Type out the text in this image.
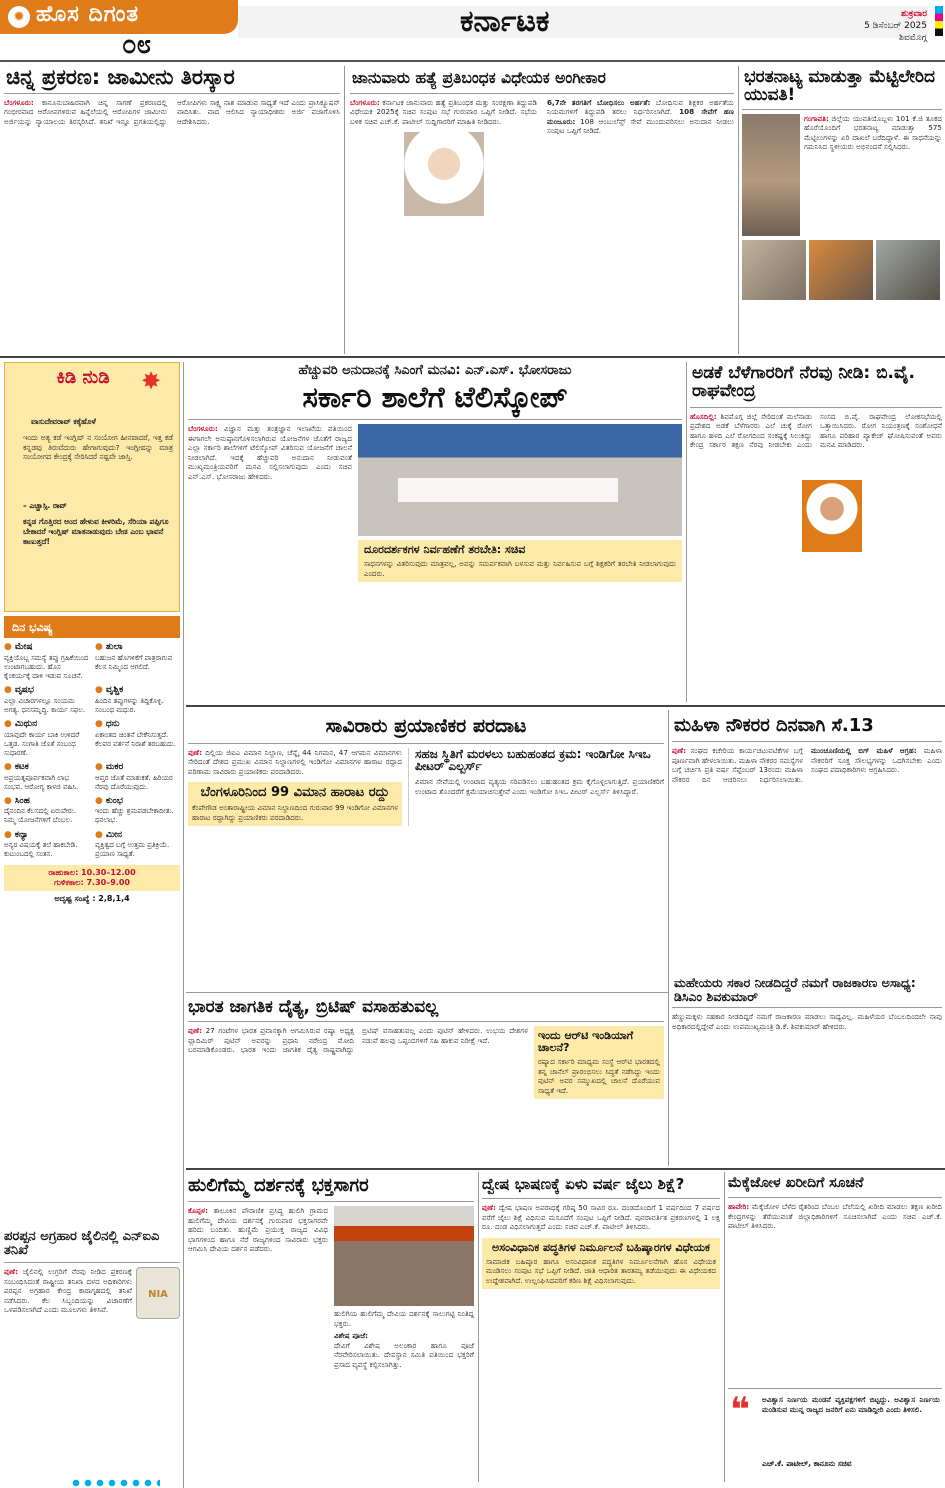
✹ ಹೊಸ ದಿಗಂತ
೦೮
ಕರ್ನಾಟಕ	ಶುಕ್ರವಾರ
5 ಡಿಸೆಂಬರ್ 2025
ಶಿವಮೊಗ್ಗ
ಚಿನ್ನ ಪ್ರಕರಣ: ಜಾಮೀನು ತಿರಸ್ಕಾರ
ಬೆಂಗಳೂರು: ಕಾನೂನುಬಾಹಿರವಾಗಿ ಚಿನ್ನ ಸಾಗಣೆ ಪ್ರಕರಣದಲ್ಲಿ ಗಂಭೀರವಾದ ಆರೋಪಗಳಿರುವ ಹಿನ್ನೆಲೆಯಲ್ಲಿ ಆರೋಪಿಗಳ ಜಾಮೀನು ಅರ್ಜಿಯನ್ನು ನ್ಯಾಯಾಲಯ ತಿರಸ್ಕರಿಸಿದೆ. ತನಿಖೆ ಇನ್ನೂ ಪ್ರಗತಿಯಲ್ಲಿದ್ದು ಆರೋಪಿಗಳು ಸಾಕ್ಷ್ಯ ನಾಶ ಮಾಡುವ ಸಾಧ್ಯತೆ ಇದೆ ಎಂದು ಪ್ರಾಸಿಕ್ಯೂಷನ್ ವಾದಿಸಿತು. ವಾದ ಆಲಿಸಿದ ನ್ಯಾಯಾಧೀಶರು ಅರ್ಜಿ ವಜಾಗೊಳಿಸಿ ಆದೇಶಿಸಿದರು.
ಜಾನುವಾರು ಹತ್ಯೆ ಪ್ರತಿಬಂಧಕ ವಿಧೇಯಕ ಅಂಗೀಕಾರ
ಬೆಂಗಳೂರು: ಕರ್ನಾಟಕ ಜಾನುವಾರು ಹತ್ಯೆ ಪ್ರತಿಬಂಧಕ ಮತ್ತು ಸಂರಕ್ಷಣಾ ತಿದ್ದುಪಡಿ ವಿಧೇಯಕ 2025ಕ್ಕೆ ಸಚಿವ ಸಂಪುಟ ಸಭೆ ಗುರುವಾರ ಒಪ್ಪಿಗೆ ನೀಡಿದೆ. ಸಭೆಯ ಬಳಿಕ ಸಚಿವ ಎಚ್.ಕೆ. ಪಾಟೀಲ್ ಸುದ್ದಿಗಾರರಿಗೆ ಮಾಹಿತಿ ನೀಡಿದರು.
6,7ನೇ ತರಗತಿಗೆ ಬೋಧಿಸಲು ಅರ್ಹತೆ: ಬೋಧಿಸುವ ಶಿಕ್ಷಕರ ಅರ್ಹತೆಯ ನಿಯಮಗಳಿಗೆ ತಿದ್ದುಪಡಿ ತರಲು ನಿರ್ಧರಿಸಲಾಗಿದೆ. 108 ಸೇವೆಗೆ ಹಣ ಮಂಜೂರು: 108 ಆಂಬುಲೆನ್ಸ್ ಸೇವೆ ಮುಂದುವರಿಸಲು ಅನುದಾನ ನೀಡಲು ಸಂಪುಟ ಒಪ್ಪಿಗೆ ನೀಡಿದೆ.
ಭರತನಾಟ್ಯ ಮಾಡುತ್ತಾ ಮೆಟ್ಟಿಲೇರಿದ ಯುವತಿ!
ಗಂಗಾವತಿ: ಜಿಲ್ಲೆಯ ಯುವತಿಯೊಬ್ಬಳು 101 ಕೆ.ಜಿ ತೂಕದ ಹೊರೆಯೊಂದಿಗೆ ಭರತನಾಟ್ಯ ಮಾಡುತ್ತಾ 575 ಮೆಟ್ಟಿಲುಗಳನ್ನು ಏರಿ ದಾಖಲೆ ಬರೆದಿದ್ದಾಳೆ. ಈ ಸಾಧನೆಯನ್ನು ಗಮನಿಸಿದ ಸ್ಥಳೀಯರು ಅಭಿನಂದನೆ ಸಲ್ಲಿಸಿದರು.
ಕಿಡಿ ನುಡಿ	✸
ವಾಸುದೇವರಾವ್ ಕಕ್ಕೆಹೊಳೆ
ಇಂದು ಅತ್ಯ ಕಡೆ ಇಂಗ್ಲಿಷ್ ನ ಸಂಯೋಗ ಹೀನವಾದರೆ, ಇತ್ತ ಕಡೆ ಕನ್ನಡವು ತಿರುವೆದುರು ಹೇಗಾಗುವುದು? ಇಂಗ್ಲೀಷನ್ನು ಮಾತ್ರ ಸಂಯೋಗದ ಕೇಂದ್ರಕ್ಕೆ ಸೇರಿಸಿದರೆ ನಷ್ಟವೇ ಜಾಸ್ತಿ.
– ಎಚ್ಚಾಸ್ಸಿ. ರಾವ್
ಕನ್ನಡ ಗೊತ್ತಿರದ ಅಂದ ಹೇಳುವ ಕೀಳರಿಮೆ, ಸೆರಿಯಾ ಪಪ್ಪಿಗೂ ಬೇಕಾದರೆ ಇಂಗ್ಲಿಷ್ ಮಾತನಾಡುವುದು ಬೇಡ ಎಂಬ ಭಾವನೆ ಕಾಣುತ್ತದೆ!
ದಿನ ಭವಿಷ್ಯ
● ಮೇಷ
ವ್ಯಕ್ತಿಯೊಬ್ಬ ಸಮಸ್ಯೆ ತಪ್ಪು ಗ್ರಹಿಕೆಯಿಂದ ಉಂಟಾಗಬಹುದು. ಹೊಸ ಕೈಂಕರ್ಯಕ್ಕೆ ದಾಳಿ ಇಡುವ ಸೂಚನೆ.
● ತುಲಾ
ಬಹುಜನ ಹೊಗಳಿಕೆಗೆ ಪಾತ್ರರಾಗುವ ಕೆಲಸ ನಿಮ್ಮಿಂದ ಆಗಲಿದೆ.
● ವೃಷಭ
ಎಲ್ಲಾ ವಿಚಾರಗಳಲ್ಲೂ ಸಂಯಮ ಅಗತ್ಯ. ಧನಸಮೃದ್ಧಿ. ಕಾರ್ಯ ಸಫಲ.
● ವೃಶ್ಚಿಕ
ಹಿಂದಿನ ತಪ್ಪುಗಳನ್ನು ತಿದ್ದಿಕೊಳ್ಳಿ. ಸಂಬಂಧ ಮಧುರ.
● ಮಿಥುನ
ಯಾವುದೇ ಕಾರ್ಯ ಬಾಕಿ ಉಳಿದರೆ ಒತ್ತಡ. ಸಂಗಾತಿ ಜೊತೆ ಸಂಬಂಧ ಸುಧಾರಣೆ.
● ಧನು
ಏಕಾಂತದ ಚಿಂತನೆ ಬೇಕೆನಿಸುತ್ತದೆ. ಕೆಲವರ ವರ್ತನೆ ನಿರಾಶೆ ತರಬಹುದು.
● ಕಟಕ
ಅಪ್ರಯತ್ನಪೂರ್ವಕವಾಗಿ ಲಾಭ ಸಂಭವ. ಆರೋಗ್ಯ ಕಾಳಜಿ ವಹಿಸಿ.
● ಮಕರ
ಆಪ್ತರ ಜೊತೆ ಮಾತುಕತೆ. ಹಿರಿಯರ ನೆರವು ದೊರೆಯುವುದು.
● ಸಿಂಹ
ದೈನಂದಿನ ಕೆಲಸದಲ್ಲಿ ಏರುಪೇರು. ನಿಮ್ಮ ಯೋಜನೆಗಳಿಗೆ ಬೆಂಬಲ.
● ಕುಂಭ
ಇಂದು ಹೆಚ್ಚು ಶ್ರಮಪಡಬೇಕಾದೀತು. ಧನಲಾಭ.
● ಕನ್ಯಾ
ಅನ್ಯರ ವಿಷಯಕ್ಕೆ ತಲೆ ಹಾಕಬೇಡಿ. ಕುಟುಂಬದಲ್ಲಿ ಸಂತಸ.
● ಮೀನ
ವ್ಯಕ್ತಿತ್ವದ ಬಗ್ಗೆ ಉತ್ತಮ ಪ್ರತಿಕ್ರಿಯೆ. ಪ್ರಯಾಣ ಸಾಧ್ಯತೆ.
ರಾಹುಕಾಲ: 10.30–12.00
ಗುಳಿಕಕಾಲ: 7.30–9.00
ಅದೃಷ್ಟ ಸಂಖ್ಯೆ : 2,8,1,4
ಹೆಚ್ಚುವರಿ ಅನುದಾನಕ್ಕೆ ಸಿಎಂಗೆ ಮನವಿ: ಎನ್.ಎಸ್. ಭೋಸರಾಜು
ಸರ್ಕಾರಿ ಶಾಲೆಗೆ ಟೆಲಿಸ್ಕೋಪ್
ಬೆಂಗಳೂರು: ವಿಜ್ಞಾನ ಮತ್ತು ತಂತ್ರಜ್ಞಾನ ಇಲಾಖೆಯ ವತಿಯಿಂದ ಈಗಾಗಲೇ ಅನುಷ್ಠಾನಗೊಳಿಸಲಾಗಿರುವ ಯೋಜನೆಗಳ ಜೊತೆಗೆ ರಾಜ್ಯದ ಎಲ್ಲಾ ಸರ್ಕಾರಿ ಶಾಲೆಗಳಿಗೆ ಟೆಲಿಸ್ಕೋಪ್ ವಿತರಿಸುವ ಯೋಜನೆಗೆ ಚಾಲನೆ ನೀಡಲಾಗಿದೆ. ಇದಕ್ಕೆ ಹೆಚ್ಚುವರಿ ಅನುದಾನ ನೀಡುವಂತೆ ಮುಖ್ಯಮಂತ್ರಿಯವರಿಗೆ ಮನವಿ ಸಲ್ಲಿಸಲಾಗುವುದು ಎಂದು ಸಚಿವ ಎನ್.ಎಸ್. ಭೋಸರಾಜು ಹೇಳಿದರು.
ದೂರದರ್ಶಕಗಳ ನಿರ್ವಹಣೆಗೆ ತರಬೇತಿ: ಸಚಿವ
ಸಾಧನಗಳನ್ನು ವಿತರಿಸುವುದು ಮಾತ್ರವಲ್ಲ, ಅವನ್ನು ಸಮರ್ಪಕವಾಗಿ ಬಳಸುವ ಮತ್ತು ನಿರ್ವಹಿಸುವ ಬಗ್ಗೆ ಶಿಕ್ಷಕರಿಗೆ ತರಬೇತಿ ನೀಡಲಾಗುವುದು ಎಂದರು.
ಅಡಕೆ ಬೆಳೆಗಾರರಿಗೆ ನೆರವು ನೀಡಿ: ಬಿ.ವೈ. ರಾಘವೇಂದ್ರ
ಹೊಸದಿಲ್ಲಿ: ಶಿವಮೊಗ್ಗ ಜಿಲ್ಲೆ ಸೇರಿದಂತೆ ಮಲೆನಾಡು ಪ್ರದೇಶದ ಅಡಕೆ ಬೆಳೆಗಾರರು ಎಲೆ ಚುಕ್ಕೆ ರೋಗ ಹಾಗೂ ಹಳದಿ ಎಲೆ ರೋಗದಿಂದ ಸಂಕಷ್ಟಕ್ಕೆ ಸಿಲುಕಿದ್ದು ಕೇಂದ್ರ ಸರ್ಕಾರ ತಕ್ಷಣ ನೆರವು ನೀಡಬೇಕು ಎಂದು ಸಂಸದ ಬಿ.ವೈ. ರಾಘವೇಂದ್ರ ಲೋಕಸಭೆಯಲ್ಲಿ ಒತ್ತಾಯಿಸಿದರು. ರೋಗ ನಿಯಂತ್ರಣಕ್ಕೆ ಸಂಶೋಧನೆ ಹಾಗೂ ಪರಿಹಾರ ಪ್ಯಾಕೇಜ್ ಘೋಷಿಸುವಂತೆ ಅವರು ಮನವಿ ಮಾಡಿದರು.
ಸಾವಿರಾರು ಪ್ರಯಾಣಿಕರ ಪರದಾಟ
ಪುಣೆ: ದಿಲ್ಲಿಯ ಜಿಐಎ ವಿಮಾನ ನಿಲ್ದಾಣ, ಚೆನ್ನೈ 44 ನಿಗಮನ, 47 ಆಗಮನ ವಿಮಾನಗಳು ಸೇರಿದಂತೆ ದೇಶದ ಪ್ರಮುಖ ವಿಮಾನ ನಿಲ್ದಾಣಗಳಲ್ಲಿ ಇಂಡಿಗೋ ವಿಮಾನಗಳ ಹಾರಾಟ ರದ್ದಾದ ಪರಿಣಾಮ ಸಾವಿರಾರು ಪ್ರಯಾಣಿಕರು ಪರದಾಡಿದರು.
ಬೆಂಗಳೂರಿನಿಂದ 99 ವಿಮಾನ ಹಾರಾಟ ರದ್ದು
ಕೆಂಪೇಗೌಡ ಅಂತಾರಾಷ್ಟ್ರೀಯ ವಿಮಾನ ನಿಲ್ದಾಣದಿಂದ ಗುರುವಾರ 99 ಇಂಡಿಗೋ ವಿಮಾನಗಳ ಹಾರಾಟ ರದ್ದಾಗಿದ್ದು ಪ್ರಯಾಣಿಕರು ಪರದಾಡಿದರು.
ಸಹಜ ಸ್ಥಿತಿಗೆ ಮರಳಲು ಬಹುಹಂತದ ಕ್ರಮ: ಇಂಡಿಗೋ ಸಿಇಒ ಪೀಟರ್ ಎಲ್ಬರ್ಸ್
ವಿಮಾನ ಸೇವೆಯಲ್ಲಿ ಉಂಟಾದ ವ್ಯತ್ಯಯ ಸರಿಪಡಿಸಲು ಬಹುಹಂತದ ಕ್ರಮ ಕೈಗೊಳ್ಳಲಾಗುತ್ತಿದೆ. ಪ್ರಯಾಣಿಕರಿಗೆ ಉಂಟಾದ ತೊಂದರೆಗೆ ಕ್ಷಮೆಯಾಚಿಸುತ್ತೇವೆ ಎಂದು ಇಂಡಿಗೋ ಸಿಇಒ ಪೀಟರ್ ಎಲ್ಬರ್ಸ್ ತಿಳಿಸಿದ್ದಾರೆ.
ಮಹಿಳಾ ನೌಕರರ ದಿನವಾಗಿ ಸೆ.13
ಪುಣೆ: ಸಂಘದ ಕಚೇರಿಯ ಕಾರ್ಯಚಟುವಟಿಕೆಗಳ ಬಗ್ಗೆ ಪೂರ್ಣವಾಗಿ ಹೇಳಲಾಯಿತು. ಮಹಿಳಾ ನೌಕರರ ಸಮಸ್ಯೆಗಳ ಬಗ್ಗೆ ಚರ್ಚಿಸಿ ಪ್ರತಿ ವರ್ಷ ಸೆಪ್ಟೆಂಬರ್ 13ರಂದು ಮಹಿಳಾ ನೌಕರರ ದಿನ ಆಚರಿಸಲು ನಿರ್ಧರಿಸಲಾಯಿತು. ಮುಂಚೂಣಿಯಲ್ಲಿ ಬಿಗ್ ಮಹಿಳೆ ಆಗ್ರಹ: ಮಹಿಳಾ ನೌಕರರಿಗೆ ಸೂಕ್ತ ಸೌಲಭ್ಯಗಳನ್ನು ಒದಗಿಸಬೇಕು ಎಂದು ಸಂಘದ ಪದಾಧಿಕಾರಿಗಳು ಆಗ್ರಹಿಸಿದರು.
ಮಹೇಯರು ಸಕಾರ ನೀಡದಿದ್ದರೆ ನಮಗೆ ರಾಜಕಾರಣ ಅಸಾಧ್ಯ: ಡಿಸಿಎಂ ಶಿವಕುಮಾರ್
ಹೆಣ್ಣುಮಕ್ಕಳು ಸಹಕಾರ ನೀಡದಿದ್ದರೆ ನಮಗೆ ರಾಜಕಾರಣ ಮಾಡಲು ಸಾಧ್ಯವಿಲ್ಲ. ಮಹಿಳೆಯರ ಬೆಂಬಲದಿಂದಲೇ ನಾವು ಅಧಿಕಾರದಲ್ಲಿದ್ದೇವೆ ಎಂದು ಉಪಮುಖ್ಯಮಂತ್ರಿ ಡಿ.ಕೆ. ಶಿವಕುಮಾರ್ ಹೇಳಿದರು.
ಭಾರತ ಜಾಗತಿಕ ದೈತ್ಯ, ಬ್ರಿಟಿಷ್ ವಸಾಹತುವಲ್ಲ
ಪುಣೆ: 27 ಗಂಟೆಗಳ ಭಾರತ ಪ್ರವಾಸಕ್ಕಾಗಿ ಆಗಮಿಸಿರುವ ರಷ್ಯಾ ಅಧ್ಯಕ್ಷ ವ್ಲಾದಿಮಿರ್ ಪುಟಿನ್ ಅವರನ್ನು ಪ್ರಧಾನಿ ನರೇಂದ್ರ ಮೋದಿ ಬರಮಾಡಿಕೊಂಡರು. ಭಾರತ ಇಂದು ಜಾಗತಿಕ ದೈತ್ಯ ರಾಷ್ಟ್ರವಾಗಿದ್ದು ಬ್ರಿಟಿಷ್ ವಸಾಹತುವಲ್ಲ ಎಂದು ಪುಟಿನ್ ಹೇಳಿದರು. ಉಭಯ ದೇಶಗಳ ನಡುವೆ ಹಲವು ಒಪ್ಪಂದಗಳಿಗೆ ಸಹಿ ಹಾಕುವ ನಿರೀಕ್ಷೆ ಇದೆ.	ಇಂದು ಆರ್‌ಟಿ ಇಂಡಿಯಾಗೆ ಚಾಲನೆ?
ರಷ್ಯಾದ ಸರ್ಕಾರಿ ಮಾಧ್ಯಮ ಸಂಸ್ಥೆ ಆರ್‌ಟಿ ಭಾರತದಲ್ಲಿ ತನ್ನ ಚಾನೆಲ್ ಪ್ರಾರಂಭಿಸಲು ಸಿದ್ಧತೆ ನಡೆಸಿದ್ದು ಇಂದು ಪುಟಿನ್ ಅವರ ಸಮ್ಮುಖದಲ್ಲಿ ಚಾಲನೆ ದೊರೆಯುವ ಸಾಧ್ಯತೆ ಇದೆ.
ಹುಲಿಗೆಮ್ಮ ದರ್ಶನಕ್ಕೆ ಭಕ್ತಸಾಗರ
ಕೊಪ್ಪಳ: ತಾಲೂಕಿನ ಪೌರಾಣಿಕ ಪ್ರಸಿದ್ಧ ಹುಲಿಗಿ ಗ್ರಾಮದ ಹುಲಿಗೆಮ್ಮ ದೇವಿಯ ದರ್ಶನಕ್ಕೆ ಗುರುವಾರ ಭಕ್ತಸಾಗರವೇ ಹರಿದು ಬಂದಿತು. ಹುಣ್ಣಿಮೆ ಪ್ರಯುಕ್ತ ರಾಜ್ಯದ ವಿವಿಧ ಭಾಗಗಳಿಂದ ಹಾಗೂ ನೆರೆ ರಾಜ್ಯಗಳಿಂದ ಸಾವಿರಾರು ಭಕ್ತರು ಆಗಮಿಸಿ ದೇವಿಯ ದರ್ಶನ ಪಡೆದರು.
ಹುಲಿಗಿಯ ಹುಲಿಗೆಮ್ಮ ದೇವಿಯ ದರ್ಶನಕ್ಕೆ ಸಾಲುಗಟ್ಟಿ ನಿಂತಿದ್ದ ಭಕ್ತರು.
ವಿಶೇಷ ಪೂಜೆ:
ದೇವಿಗೆ ವಿಶೇಷ ಅಲಂಕಾರ ಹಾಗೂ ಪೂಜೆ ನೆರವೇರಿಸಲಾಯಿತು. ದೇವಸ್ಥಾನ ಸಮಿತಿ ವತಿಯಿಂದ ಭಕ್ತರಿಗೆ ಪ್ರಸಾದ ವ್ಯವಸ್ಥೆ ಕಲ್ಪಿಸಲಾಗಿತ್ತು.
ದ್ವೇಷ ಭಾಷಣಕ್ಕೆ ಏಳು ವರ್ಷ ಜೈಲು ಶಿಕ್ಷೆ?
ಪುಣೆ: ದ್ವೇಷ ಭಾಷಣ ಅಪರಾಧಕ್ಕೆ ಗರಿಷ್ಠ 50 ಸಾವಿರ ರೂ. ದಂಡದೊಂದಿಗೆ 1 ವರ್ಷದಿಂದ 7 ವರ್ಷದ ವರೆಗೆ ಜೈಲು ಶಿಕ್ಷೆ ವಿಧಿಸುವ ಮಸೂದೆಗೆ ಸಂಪುಟ ಒಪ್ಪಿಗೆ ನೀಡಿದೆ. ಪುನರಾವರ್ತಿತ ಪ್ರಕರಣಗಳಲ್ಲಿ 1 ಲಕ್ಷ ರೂ. ದಂಡ ವಿಧಿಸಲಾಗುತ್ತದೆ ಎಂದು ಸಚಿವ ಎಚ್.ಕೆ. ಪಾಟೀಲ್ ತಿಳಿಸಿದರು.
ಅಸಂವಿಧಾನಿಕ ಪದ್ಧತಿಗಳ ನಿರ್ಮೂಲನೆ ಬಹಿಷ್ಕಾರಗಳ ವಿಧೇಯಕ
ಸಾಮಾಜಿಕ ಬಹಿಷ್ಕಾರ ಹಾಗೂ ಅಸಂವಿಧಾನಿಕ ಪದ್ಧತಿಗಳ ನಿರ್ಮೂಲನೆಗಾಗಿ ಹೊಸ ವಿಧೇಯಕ ಮಂಡಿಸಲು ಸಂಪುಟ ಸಭೆ ಒಪ್ಪಿಗೆ ನೀಡಿದೆ. ಜಾತಿ ಆಧಾರಿತ ತಾರತಮ್ಯ ತಡೆಯುವುದು ಈ ವಿಧೇಯಕದ ಉದ್ದೇಶವಾಗಿದೆ. ಉಲ್ಲಂಘಿಸಿದವರಿಗೆ ಕಠಿಣ ಶಿಕ್ಷೆ ವಿಧಿಸಲಾಗುವುದು.
ಮೆಕ್ಕೆಜೋಳ ಖರೀದಿಗೆ ಸೂಚನೆ
ಹಾವೇರಿ: ಮೆಕ್ಕೆಜೋಳ ಬೆಳೆದ ರೈತರಿಂದ ಬೆಂಬಲ ಬೆಲೆಯಲ್ಲಿ ಖರೀದಿ ಮಾಡಲು ತಕ್ಷಣ ಖರೀದಿ ಕೇಂದ್ರಗಳನ್ನು ತೆರೆಯುವಂತೆ ಜಿಲ್ಲಾಧಿಕಾರಿಗಳಿಗೆ ಸೂಚಿಸಲಾಗಿದೆ ಎಂದು ಸಚಿವ ಎಚ್.ಕೆ. ಪಾಟೀಲ್ ತಿಳಿಸಿದರು.
❝ ಅವಿಶ್ವಾಸ ನಿರ್ಣಯ ಮಂಡನೆ ವ್ಯಕ್ತಿಪಕ್ಷಗಳಿಗೆ ಬಿಟ್ಟದ್ದು. ಅವಿಶ್ವಾಸ ನಿರ್ಣಯ ಮಂಡಿಸುವ ಮುನ್ನ ರಾಜ್ಯದ ಜನರಿಗೆ ಏನು ಮಾಡಿದ್ದೀರಿ ಎಂದು ತಿಳಿಸಲಿ.
ಎಚ್.ಕೆ. ಪಾಟೀಲ್, ಕಾನೂನು ಸಚಿವ
ಪರಪ್ಪನ ಅಗ್ರಹಾರ ಜೈಲಿನಲ್ಲಿ ಎನ್‌ಐಎ ತನಿಖೆ
NIA
ಪುಣೆ: ಜೈಲಿನಲ್ಲಿ ಉಗ್ರರಿಗೆ ನೆರವು ನೀಡಿದ ಪ್ರಕರಣಕ್ಕೆ ಸಂಬಂಧಿಸಿದಂತೆ ರಾಷ್ಟ್ರೀಯ ತನಿಖಾ ದಳದ ಅಧಿಕಾರಿಗಳು ಪರಪ್ಪನ ಅಗ್ರಹಾರ ಕೇಂದ್ರ ಕಾರಾಗೃಹದಲ್ಲಿ ತನಿಖೆ ನಡೆಸಿದರು. ಕೆಲ ಸಿಬ್ಬಂದಿಯನ್ನು ವಿಚಾರಣೆಗೆ ಒಳಪಡಿಸಲಾಗಿದೆ ಎಂದು ಮೂಲಗಳು ತಿಳಿಸಿವೆ.
